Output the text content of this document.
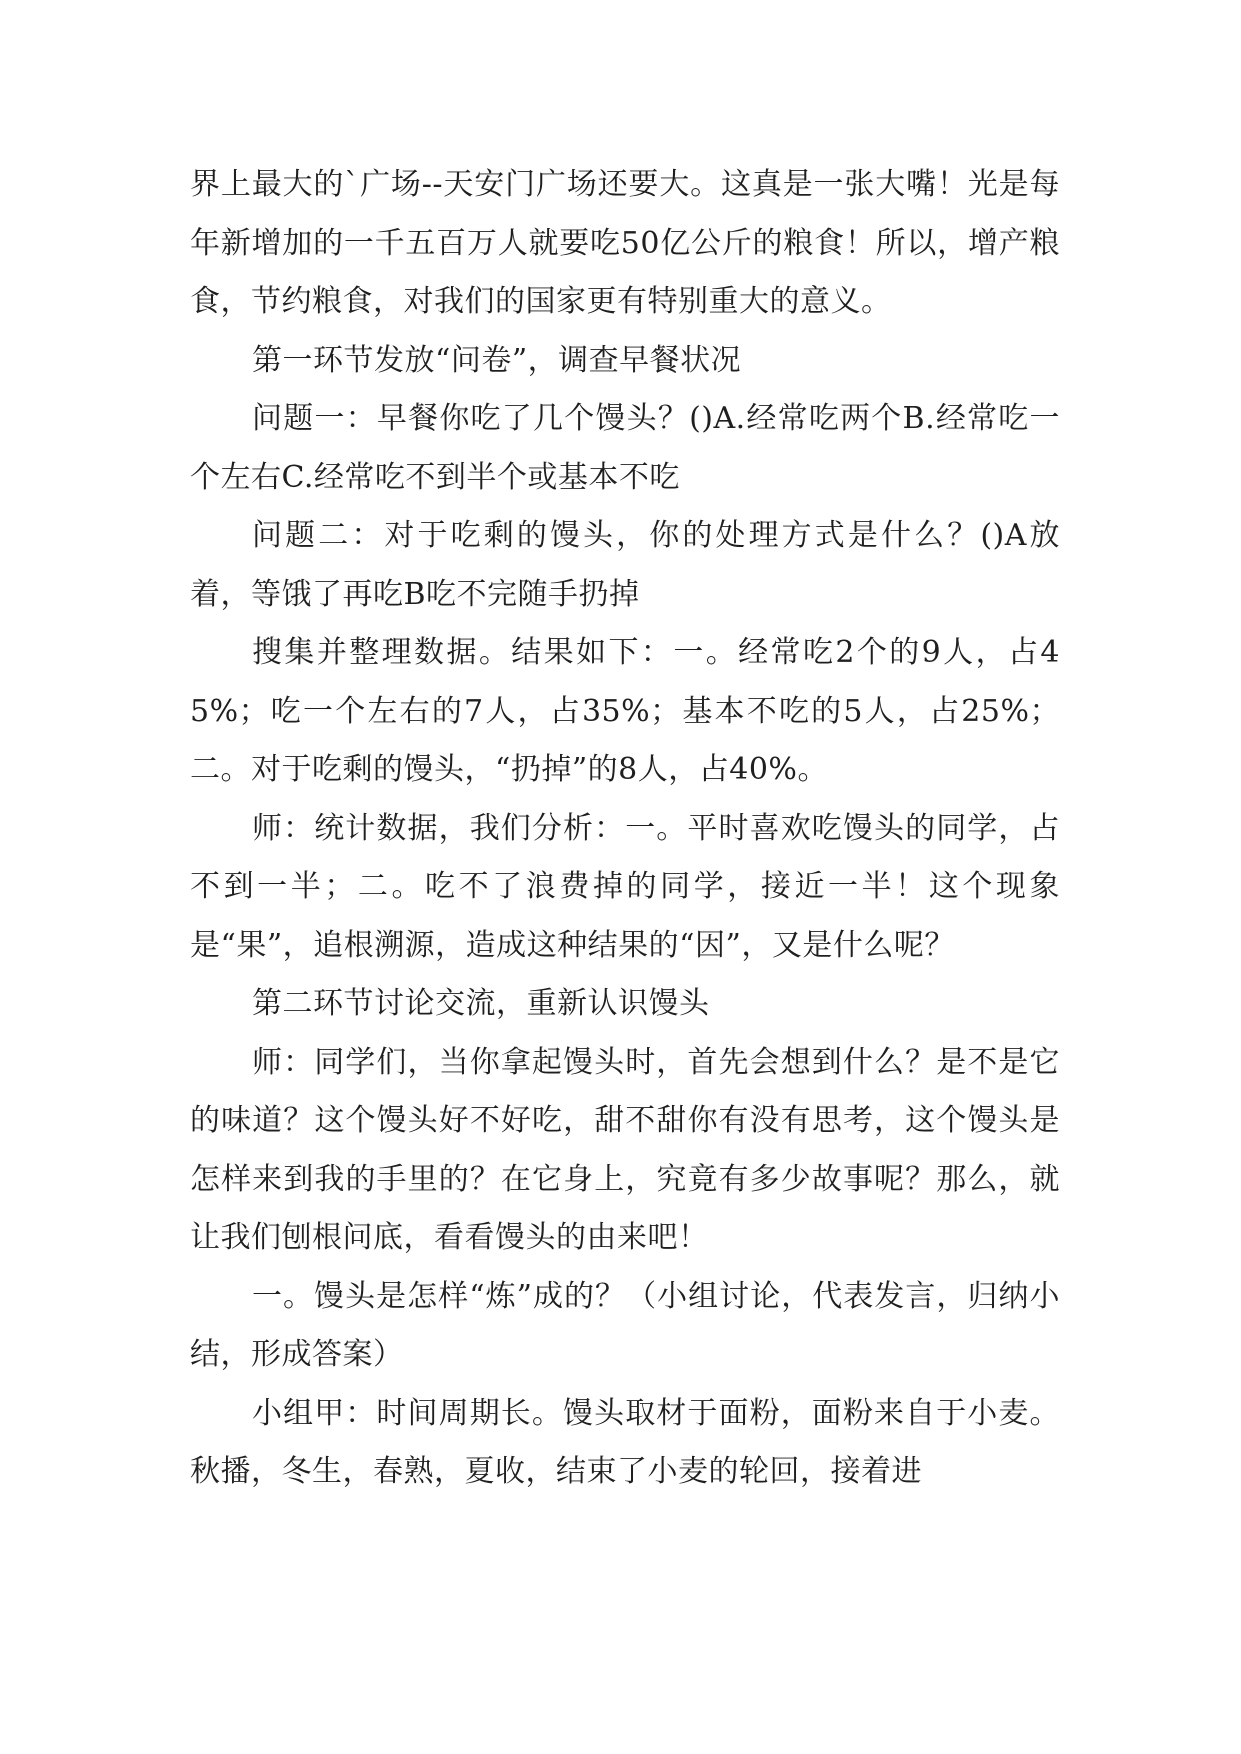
界上最大的`广场--天安门广场还要大。这真是一张大嘴！光是每年新增加的一千五百万人就要吃50亿公斤的粮食！所以，增产粮食，节约粮食，对我们的国家更有特别重大的意义。

第一环节发放“问卷”，调查早餐状况

问题一：早餐你吃了几个馒头？()A.经常吃两个B.经常吃一个左右C.经常吃不到半个或基本不吃

问题二：对于吃剩的馒头，你的处理方式是什么？()A放着，等饿了再吃B吃不完随手扔掉

搜集并整理数据。结果如下：一。经常吃2个的9人，占45%；吃一个左右的7人，占35%；基本不吃的5人，占25%；二。对于吃剩的馒头，“扔掉”的8人，占40%。

师：统计数据，我们分析：一。平时喜欢吃馒头的同学，占不到一半；二。吃不了浪费掉的同学，接近一半！这个现象是“果”，追根溯源，造成这种结果的“因”，又是什么呢？

第二环节讨论交流，重新认识馒头

师：同学们，当你拿起馒头时，首先会想到什么？是不是它的味道？这个馒头好不好吃，甜不甜你有没有思考，这个馒头是怎样来到我的手里的？在它身上，究竟有多少故事呢？那么，就让我们刨根问底，看看馒头的由来吧！

一。馒头是怎样“炼”成的？（小组讨论，代表发言，归纳小结，形成答案）

小组甲：时间周期长。馒头取材于面粉，面粉来自于小麦。秋播，冬生，春熟，夏收，结束了小麦的轮回，接着进
